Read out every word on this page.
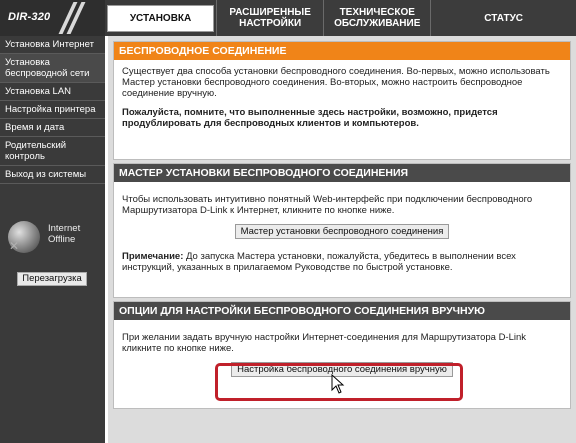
DIR-320	УСТАНОВКА
РАСШИРЕННЫЕ НАСТРОЙКИ
ТЕХНИЧЕСКОЕ ОБСЛУЖИВАНИЕ	СТАТУС
Установка Интернет
Установка беспроводной сети
Установка LAN
Настройка принтера
Время и дата
Родительский контроль
Выход из системы
✕
Internet
Offline
Перезагрузка
БЕСПРОВОДНОЕ СОЕДИНЕНИЕ

Существует два способа установки беспроводного соединения. Во-первых, можно использовать Мастер установки беспроводного соединения. Во-вторых, можно настроить беспроводное соединение вручную.

Пожалуйста, помните, что выполненные здесь настройки, возможно, придется продублировать для беспроводных клиентов и компьютеров.

МАСТЕР УСТАНОВКИ БЕСПРОВОДНОГО СОЕДИНЕНИЯ

Чтобы использовать интуитивно понятный Web-интерфейс при подключении беспроводного Маршрутизатора D-Link к Интернет, кликните по кнопке ниже.

Мастер установки беспроводного соединения

Примечание: До запуска Мастера установки, пожалуйста, убедитесь в выполнении всех инструкций, указанных в прилагаемом Руководстве по быстрой установке.

ОПЦИИ ДЛЯ НАСТРОЙКИ БЕСПРОВОДНОГО СОЕДИНЕНИЯ ВРУЧНУЮ

При желании задать вручную настройки Интернет-соединения для Маршрутизатора D-Link кликните по кнопке ниже.

Настройка беспроводного соединения вручную
